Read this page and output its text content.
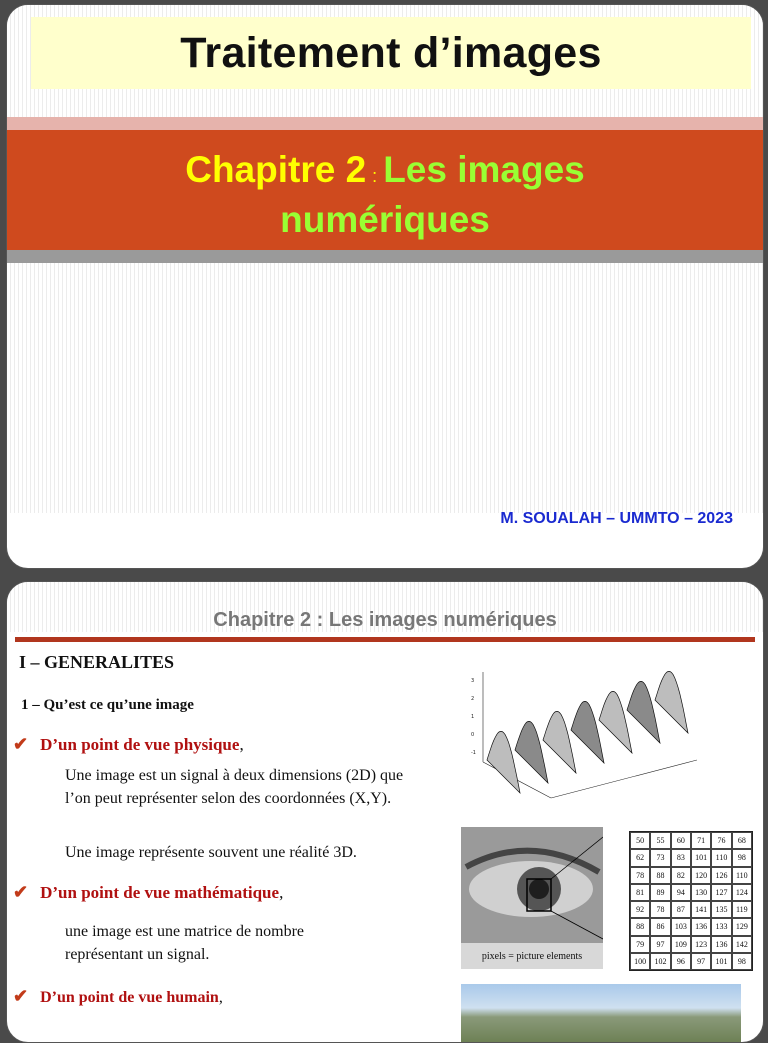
Traitement d’images
Chapitre 2 : Les images
numériques
M. SOUALAH – UMMTO – 2023
Chapitre 2 : Les images numériques
I – GENERALITES
1 – Qu’est ce qu’une image
✔ D’un point de vue physique,
Une image est un signal à deux dimensions (2D) que l’on peut représenter selon des coordonnées (X,Y).
Une image représente souvent une réalité 3D.
✔ D’un point de vue mathématique,
une image est une matrice de nombre représentant un signal.
✔ D’un point de vue humain,
3
2
1
0
-1
pixels = picture elements
50	55	60	71	76	68
62	73	83	101	110	98
78	88	82	120	126	110
81	89	94	130	127	124
92	78	87	141	135	119
88	86	103	136	133	129
79	97	109	123	136	142
100	102	96	97	101	98
